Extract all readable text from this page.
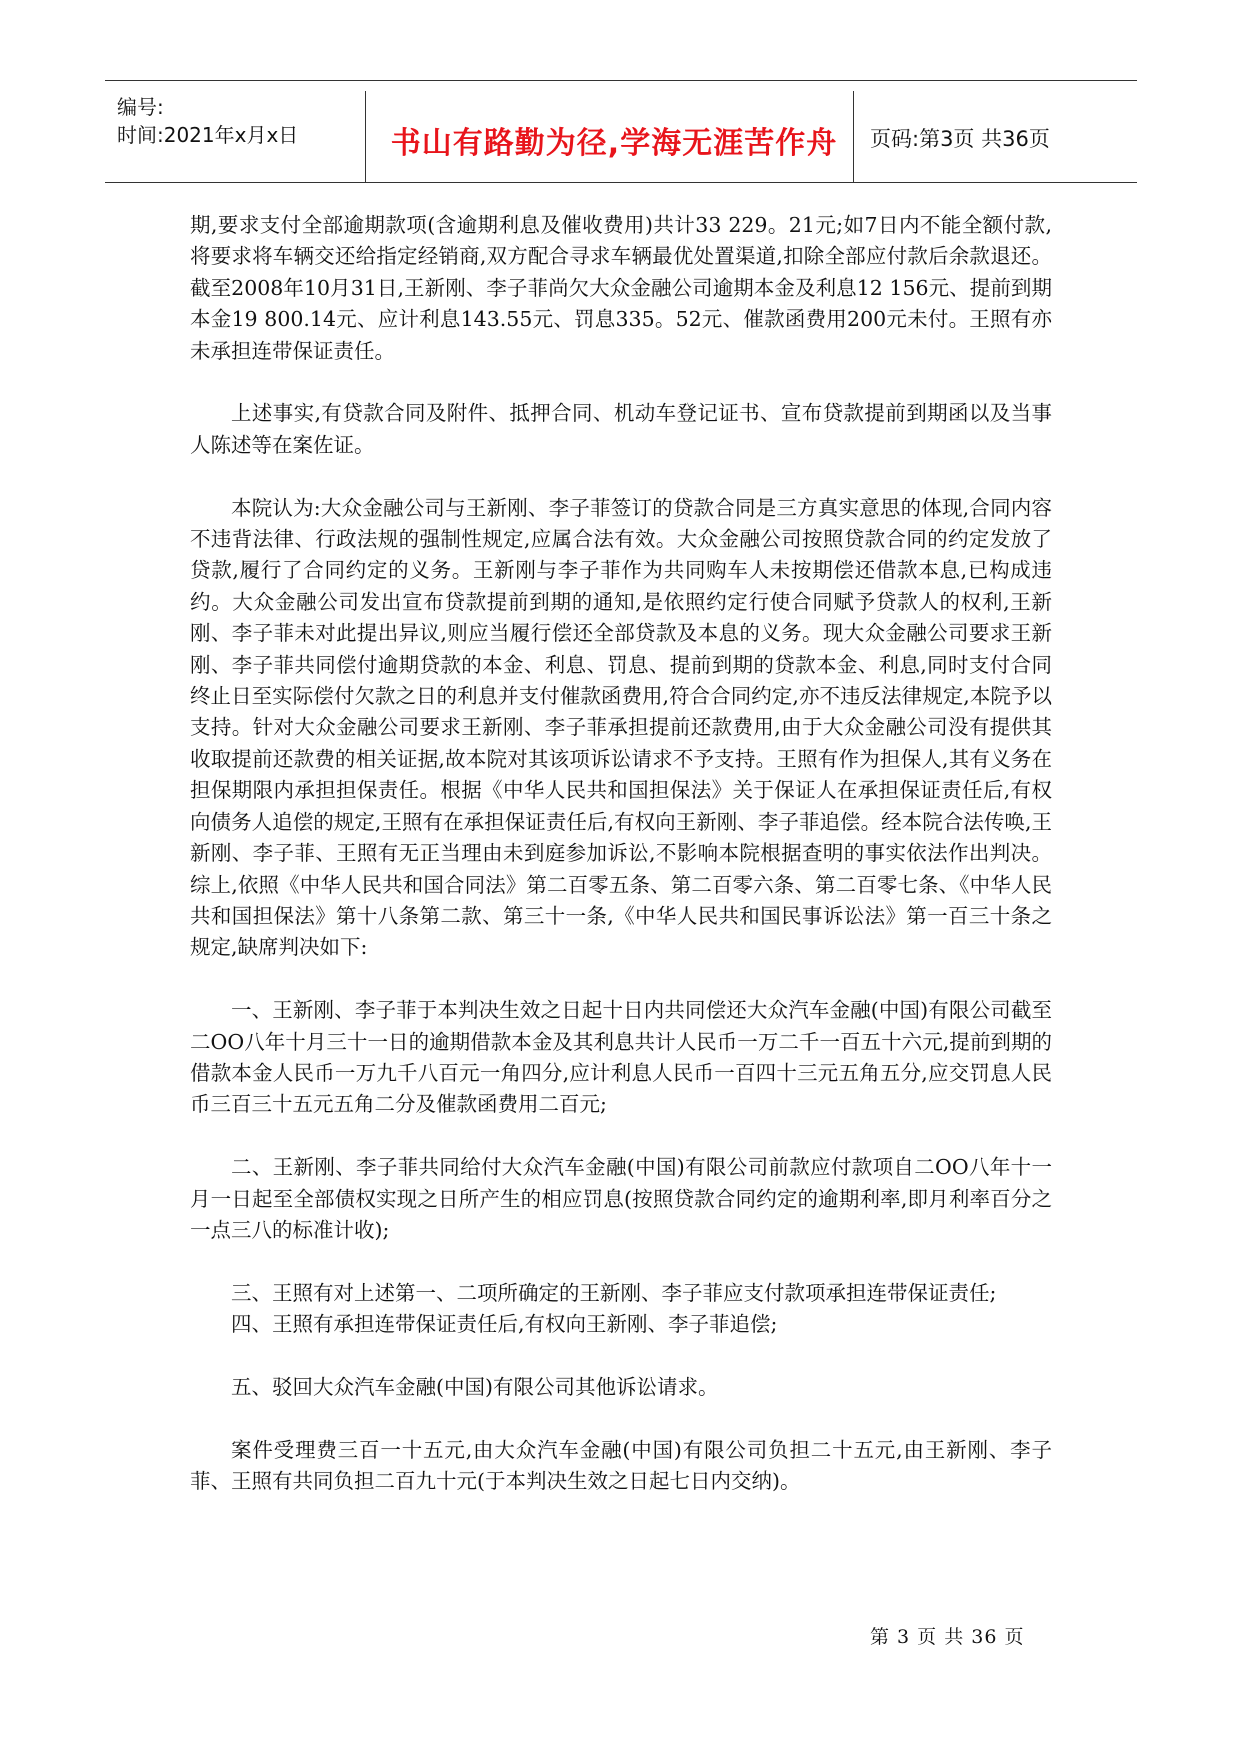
编号:
时间:2021年x月x日	书山有路勤为径,学海无涯苦作舟	页码:第3页 共36页

期,要求支付全部逾期款项(含逾期利息及催收费用)共计33 229。21元;如7日内不能全额付款,将要求将车辆交还给指定经销商,双方配合寻求车辆最优处置渠道,扣除全部应付款后余款退还。截至2008年10月31日,王新刚、李子菲尚欠大众金融公司逾期本金及利息12 156元、提前到期本金19 800.14元、应计利息143.55元、罚息335。52元、催款函费用200元未付。王照有亦未承担连带保证责任。

上述事实,有贷款合同及附件、抵押合同、机动车登记证书、宣布贷款提前到期函以及当事人陈述等在案佐证。

本院认为:大众金融公司与王新刚、李子菲签订的贷款合同是三方真实意思的体现,合同内容不违背法律、行政法规的强制性规定,应属合法有效。大众金融公司按照贷款合同的约定发放了贷款,履行了合同约定的义务。王新刚与李子菲作为共同购车人未按期偿还借款本息,已构成违约。大众金融公司发出宣布贷款提前到期的通知,是依照约定行使合同赋予贷款人的权利,王新刚、李子菲未对此提出异议,则应当履行偿还全部贷款及本息的义务。现大众金融公司要求王新刚、李子菲共同偿付逾期贷款的本金、利息、罚息、提前到期的贷款本金、利息,同时支付合同终止日至实际偿付欠款之日的利息并支付催款函费用,符合合同约定,亦不违反法律规定,本院予以支持。针对大众金融公司要求王新刚、李子菲承担提前还款费用,由于大众金融公司没有提供其收取提前还款费的相关证据,故本院对其该项诉讼请求不予支持。王照有作为担保人,其有义务在担保期限内承担担保责任。根据《中华人民共和国担保法》关于保证人在承担保证责任后,有权向债务人追偿的规定,王照有在承担保证责任后,有权向王新刚、李子菲追偿。经本院合法传唤,王新刚、李子菲、王照有无正当理由未到庭参加诉讼,不影响本院根据查明的事实依法作出判决。综上,依照《中华人民共和国合同法》第二百零五条、第二百零六条、第二百零七条、《中华人民共和国担保法》第十八条第二款、第三十一条,《中华人民共和国民事诉讼法》第一百三十条之规定,缺席判决如下:

一、王新刚、李子菲于本判决生效之日起十日内共同偿还大众汽车金融(中国)有限公司截至二OO八年十月三十一日的逾期借款本金及其利息共计人民币一万二千一百五十六元,提前到期的借款本金人民币一万九千八百元一角四分,应计利息人民币一百四十三元五角五分,应交罚息人民币三百三十五元五角二分及催款函费用二百元;

二、王新刚、李子菲共同给付大众汽车金融(中国)有限公司前款应付款项自二OO八年十一月一日起至全部债权实现之日所产生的相应罚息(按照贷款合同约定的逾期利率,即月利率百分之一点三八的标准计收);

三、王照有对上述第一、二项所确定的王新刚、李子菲应支付款项承担连带保证责任;

四、王照有承担连带保证责任后,有权向王新刚、李子菲追偿;

五、驳回大众汽车金融(中国)有限公司其他诉讼请求。

案件受理费三百一十五元,由大众汽车金融(中国)有限公司负担二十五元,由王新刚、李子菲、王照有共同负担二百九十元(于本判决生效之日起七日内交纳)。

第 3 页 共 36 页
